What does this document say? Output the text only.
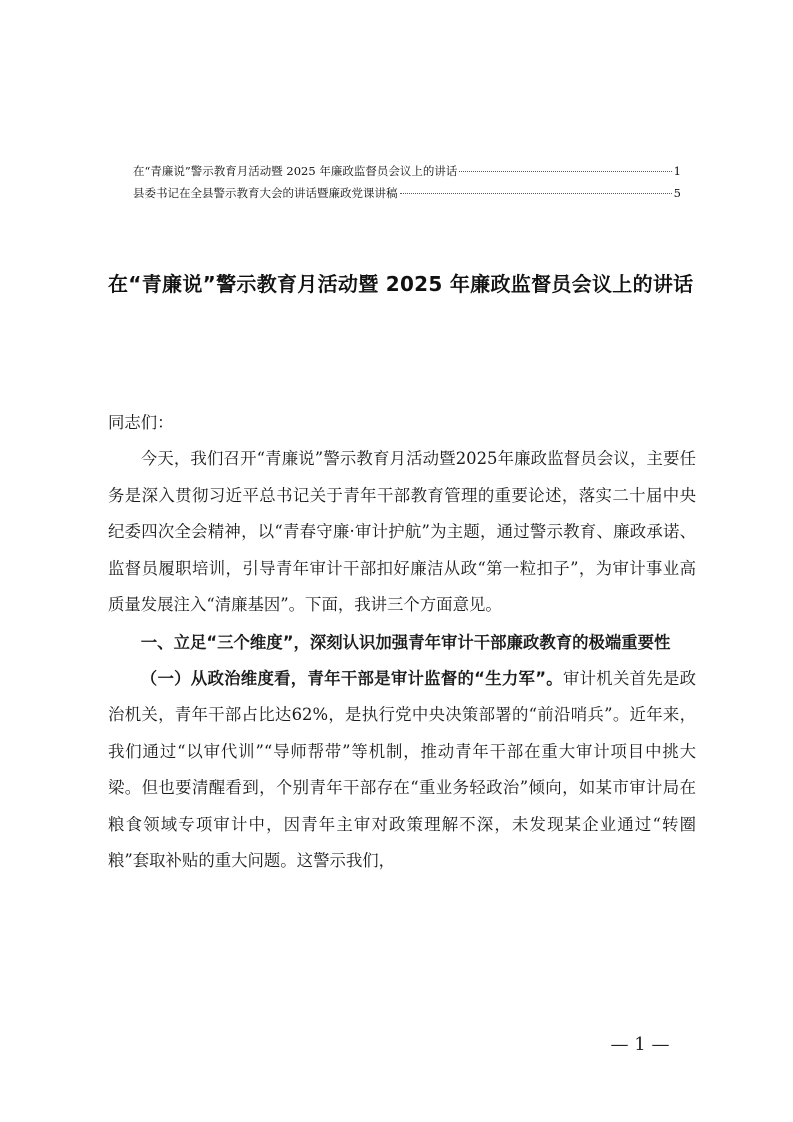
在“青廉说”警示教育月活动暨 2025 年廉政监督员会议上的讲话	1
县委书记在全县警示教育大会的讲话暨廉政党课讲稿	5
在“青廉说”警示教育月活动暨 2025 年廉政监督员会议上的讲话

同志们：

今天，我们召开“青廉说”警示教育月活动暨2025年廉政监督员会议，主要任务是深入贯彻习近平总书记关于青年干部教育管理的重要论述，落实二十届中央纪委四次全会精神，以“青春守廉·审计护航”为主题，通过警示教育、廉政承诺、监督员履职培训，引导青年审计干部扣好廉洁从政“第一粒扣子”，为审计事业高质量发展注入“清廉基因”。下面，我讲三个方面意见。

一、立足“三个维度”，深刻认识加强青年审计干部廉政教育的极端重要性

（一）从政治维度看，青年干部是审计监督的“生力军”。审计机关首先是政治机关，青年干部占比达62%，是执行党中央决策部署的“前沿哨兵”。近年来，我们通过“以审代训”“导师帮带”等机制，推动青年干部在重大审计项目中挑大梁。但也要清醒看到，个别青年干部存在“重业务轻政治”倾向，如某市审计局在粮食领域专项审计中，因青年主审对政策理解不深，未发现某企业通过“转圈粮”套取补贴的重大问题。这警示我们，

— 1 —
